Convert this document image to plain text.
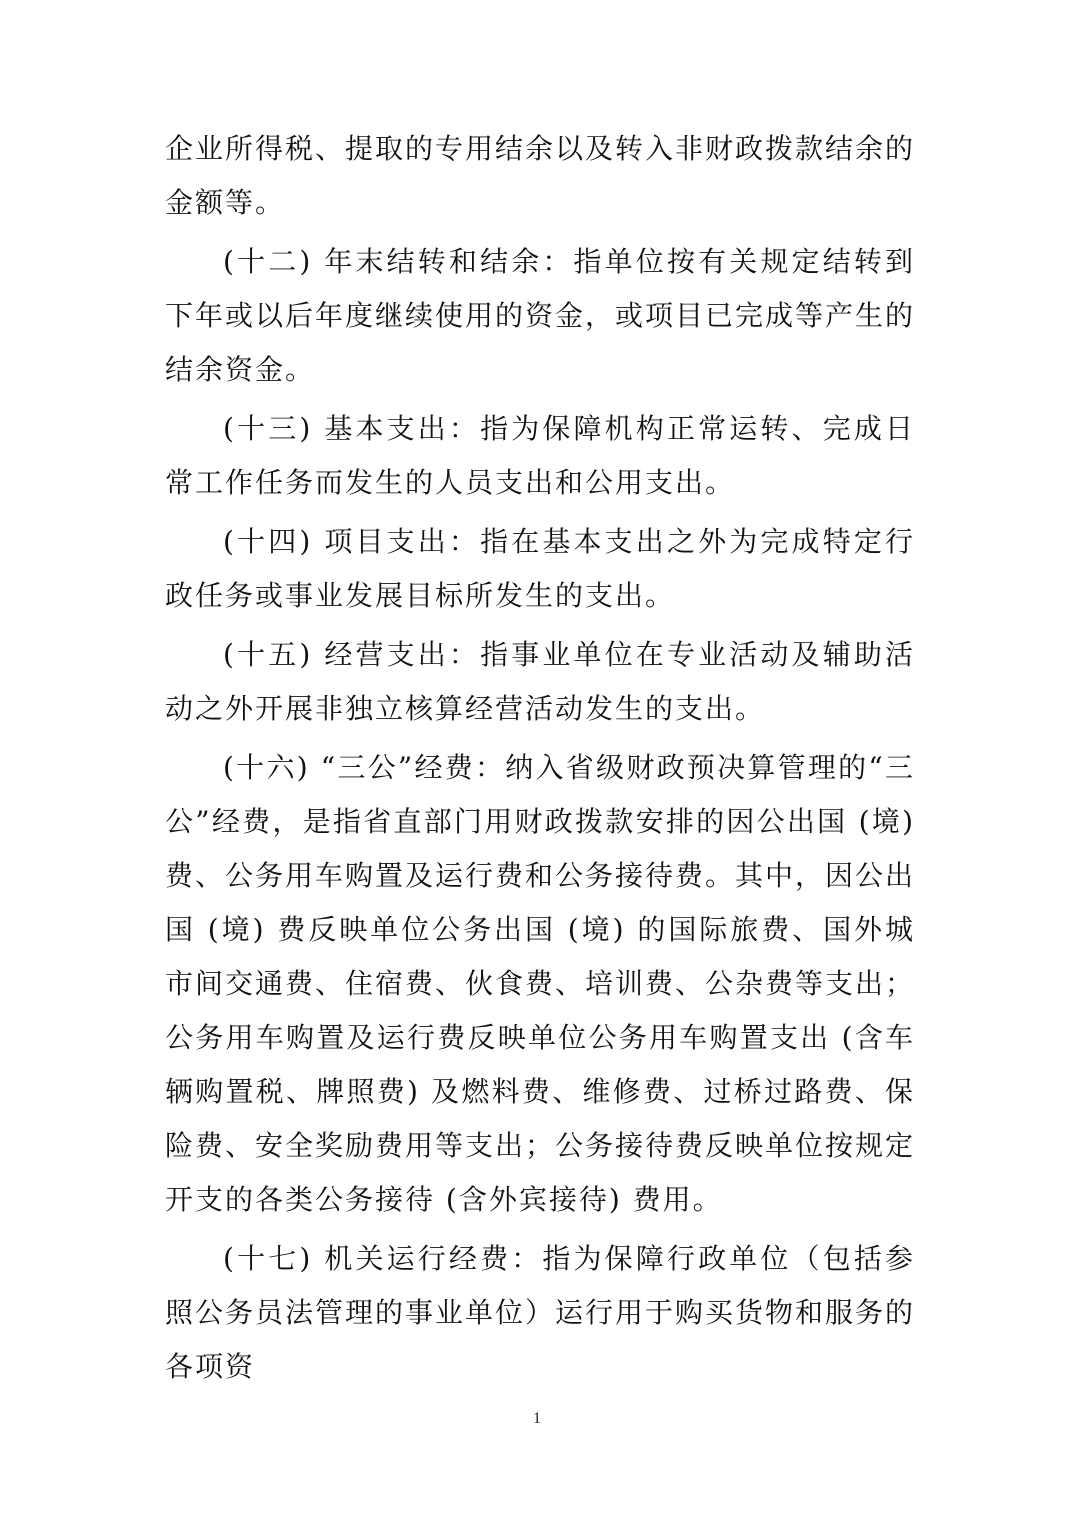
企业所得税、提取的专用结余以及转入非财政拨款结余的金额等。

(十二) 年末结转和结余：指单位按有关规定结转到下年或以后年度继续使用的资金，或项目已完成等产生的结余资金。

(十三) 基本支出：指为保障机构正常运转、完成日常工作任务而发生的人员支出和公用支出。

(十四) 项目支出：指在基本支出之外为完成特定行政任务或事业发展目标所发生的支出。

(十五) 经营支出：指事业单位在专业活动及辅助活动之外开展非独立核算经营活动发生的支出。

(十六) “三公”经费：纳入省级财政预决算管理的“三公”经费，是指省直部门用财政拨款安排的因公出国 (境) 费、公务用车购置及运行费和公务接待费。其中，因公出国 (境) 费反映单位公务出国 (境) 的国际旅费、国外城市间交通费、住宿费、伙食费、培训费、公杂费等支出；公务用车购置及运行费反映单位公务用车购置支出 (含车辆购置税、牌照费) 及燃料费、维修费、过桥过路费、保险费、安全奖励费用等支出；公务接待费反映单位按规定开支的各类公务接待 (含外宾接待) 费用。

(十七) 机关运行经费：指为保障行政单位（包括参照公务员法管理的事业单位）运行用于购买货物和服务的各项资

1
